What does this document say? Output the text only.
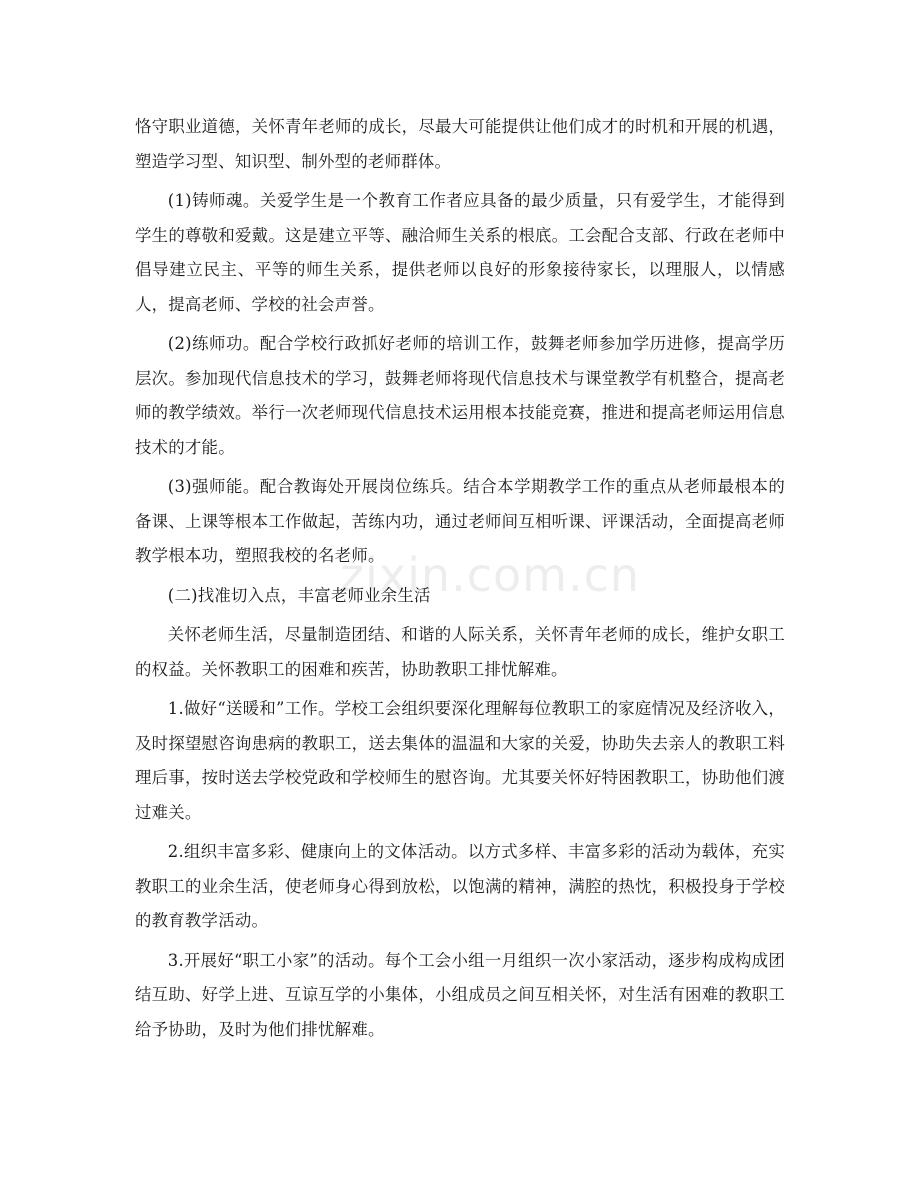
恪守职业道德，关怀青年老师的成长，尽最大可能提供让他们成才的时机和开展的机遇，塑造学习型、知识型、制外型的老师群体。

(1)铸师魂。关爱学生是一个教育工作者应具备的最少质量，只有爱学生，才能得到学生的尊敬和爱戴。这是建立平等、融洽师生关系的根底。工会配合支部、行政在老师中倡导建立民主、平等的师生关系，提供老师以良好的形象接待家长，以理服人，以情感人，提高老师、学校的社会声誉。

(2)练师功。配合学校行政抓好老师的培训工作，鼓舞老师参加学历进修，提高学历层次。参加现代信息技术的学习，鼓舞老师将现代信息技术与课堂教学有机整合，提高老师的教学绩效。举行一次老师现代信息技术运用根本技能竞赛，推进和提高老师运用信息技术的才能。

(3)强师能。配合教诲处开展岗位练兵。结合本学期教学工作的重点从老师最根本的备课、上课等根本工作做起，苦练内功，通过老师间互相听课、评课活动，全面提高老师教学根本功，塑照我校的名老师。

(二)找准切入点，丰富老师业余生活

关怀老师生活，尽量制造团结、和谐的人际关系，关怀青年老师的成长，维护女职工的权益。关怀教职工的困难和疾苦，协助教职工排忧解难。

1.做好“送暖和”工作。学校工会组织要深化理解每位教职工的家庭情况及经济收入，及时探望慰咨询患病的教职工，送去集体的温温和大家的关爱，协助失去亲人的教职工料理后事，按时送去学校党政和学校师生的慰咨询。尤其要关怀好特困教职工，协助他们渡过难关。

2.组织丰富多彩、健康向上的文体活动。以方式多样、丰富多彩的活动为载体，充实教职工的业余生活，使老师身心得到放松，以饱满的精神，满腔的热忱，积极投身于学校的教育教学活动。

3.开展好“职工小家”的活动。每个工会小组一月组织一次小家活动，逐步构成构成团结互助、好学上进、互谅互学的小集体，小组成员之间互相关怀，对生活有困难的教职工给予协助，及时为他们排忧解难。

zixin.com.cn
